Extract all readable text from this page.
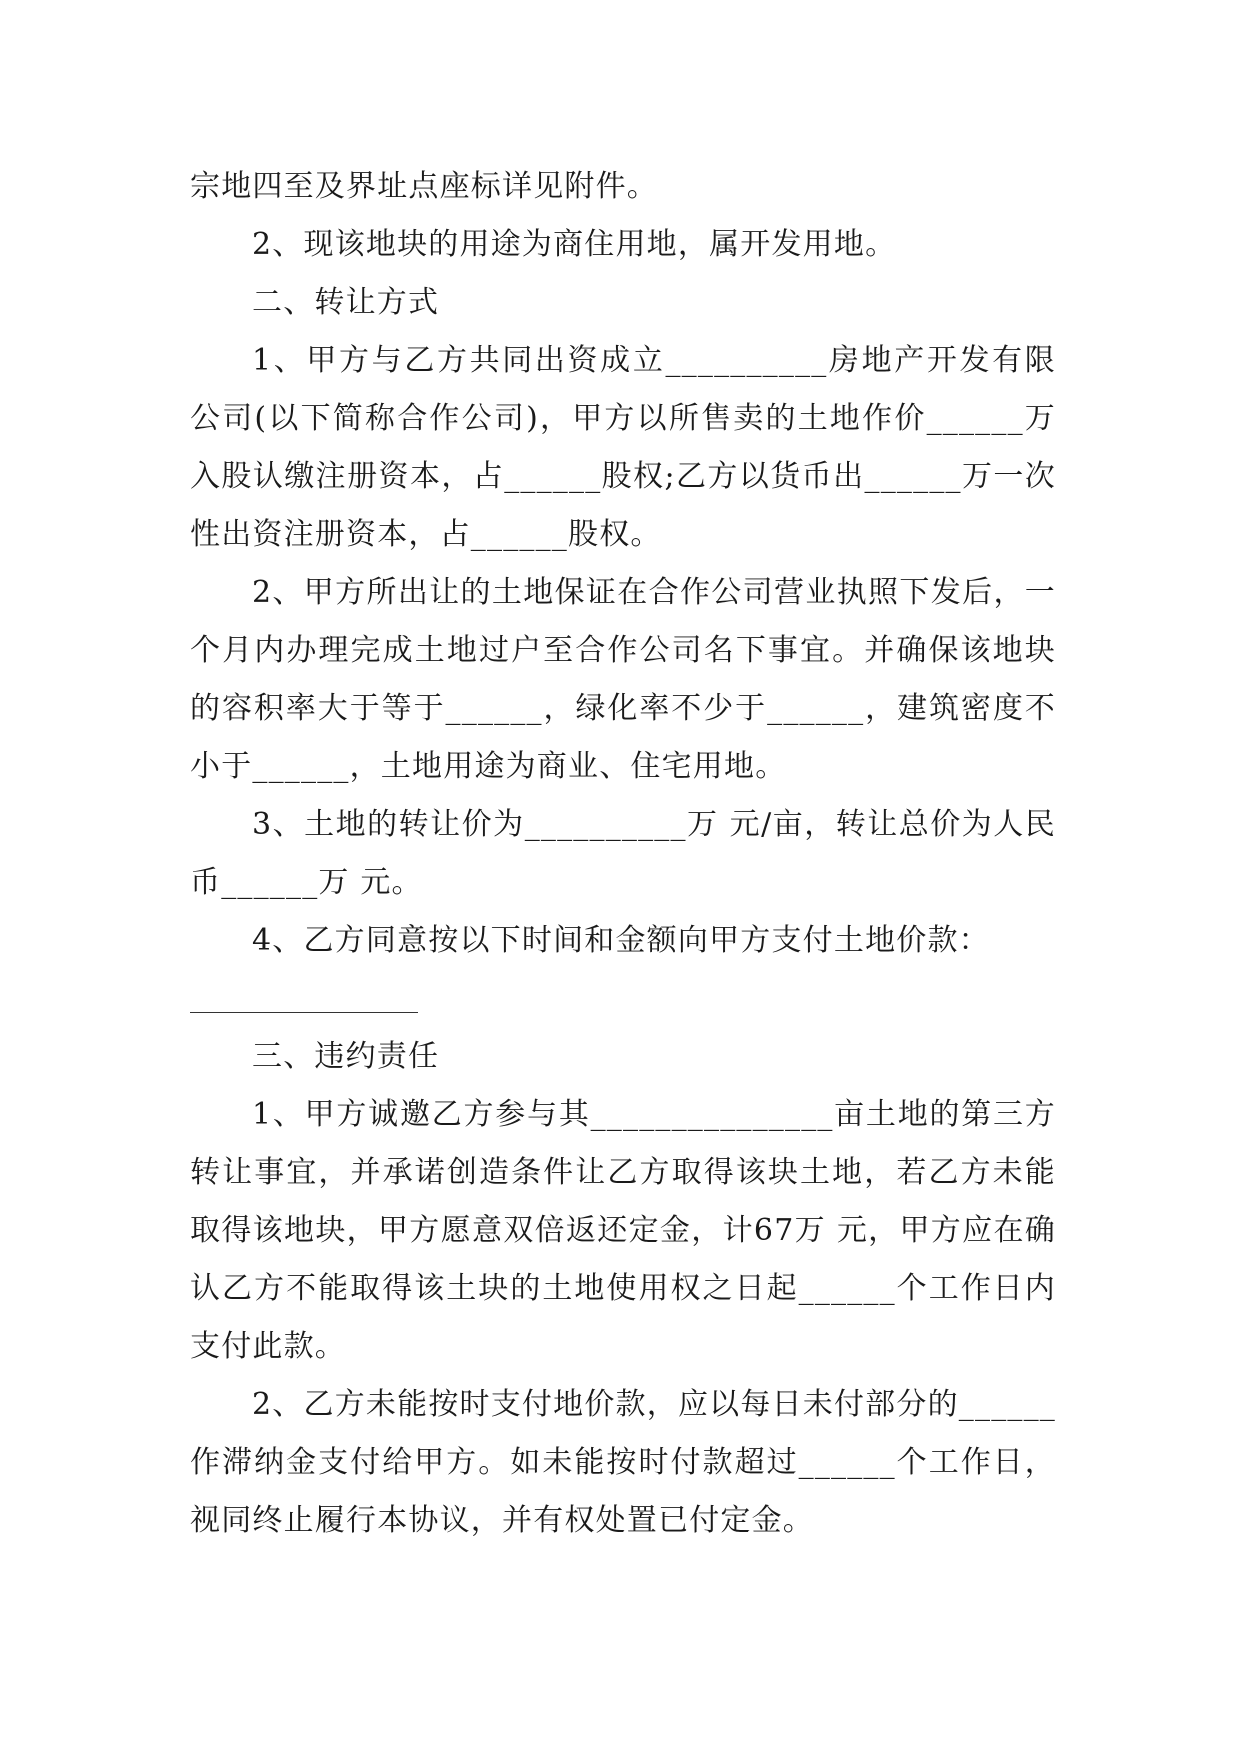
宗地四至及界址点座标详见附件。

2、现该地块的用途为商住用地，属开发用地。

二、转让方式

1、甲方与乙方共同出资成立__________房地产开发有限公司(以下简称合作公司)，甲方以所售卖的土地作价______万入股认缴注册资本，占______股权;乙方以货币出______万一次性出资注册资本，占______股权。

2、甲方所出让的土地保证在合作公司营业执照下发后，一个月内办理完成土地过户至合作公司名下事宜。并确保该地块的容积率大于等于______，绿化率不少于______，建筑密度不小于______，土地用途为商业、住宅用地。

3、土地的转让价为__________万 元/亩，转让总价为人民币______万 元。

4、乙方同意按以下时间和金额向甲方支付土地价款：

三、违约责任

1、甲方诚邀乙方参与其_______________亩土地的第三方转让事宜，并承诺创造条件让乙方取得该块土地，若乙方未能取得该地块，甲方愿意双倍返还定金，计67万 元，甲方应在确认乙方不能取得该土块的土地使用权之日起______个工作日内支付此款。

2、乙方未能按时支付地价款，应以每日未付部分的______作滞纳金支付给甲方。如未能按时付款超过______个工作日，视同终止履行本协议，并有权处置已付定金。
